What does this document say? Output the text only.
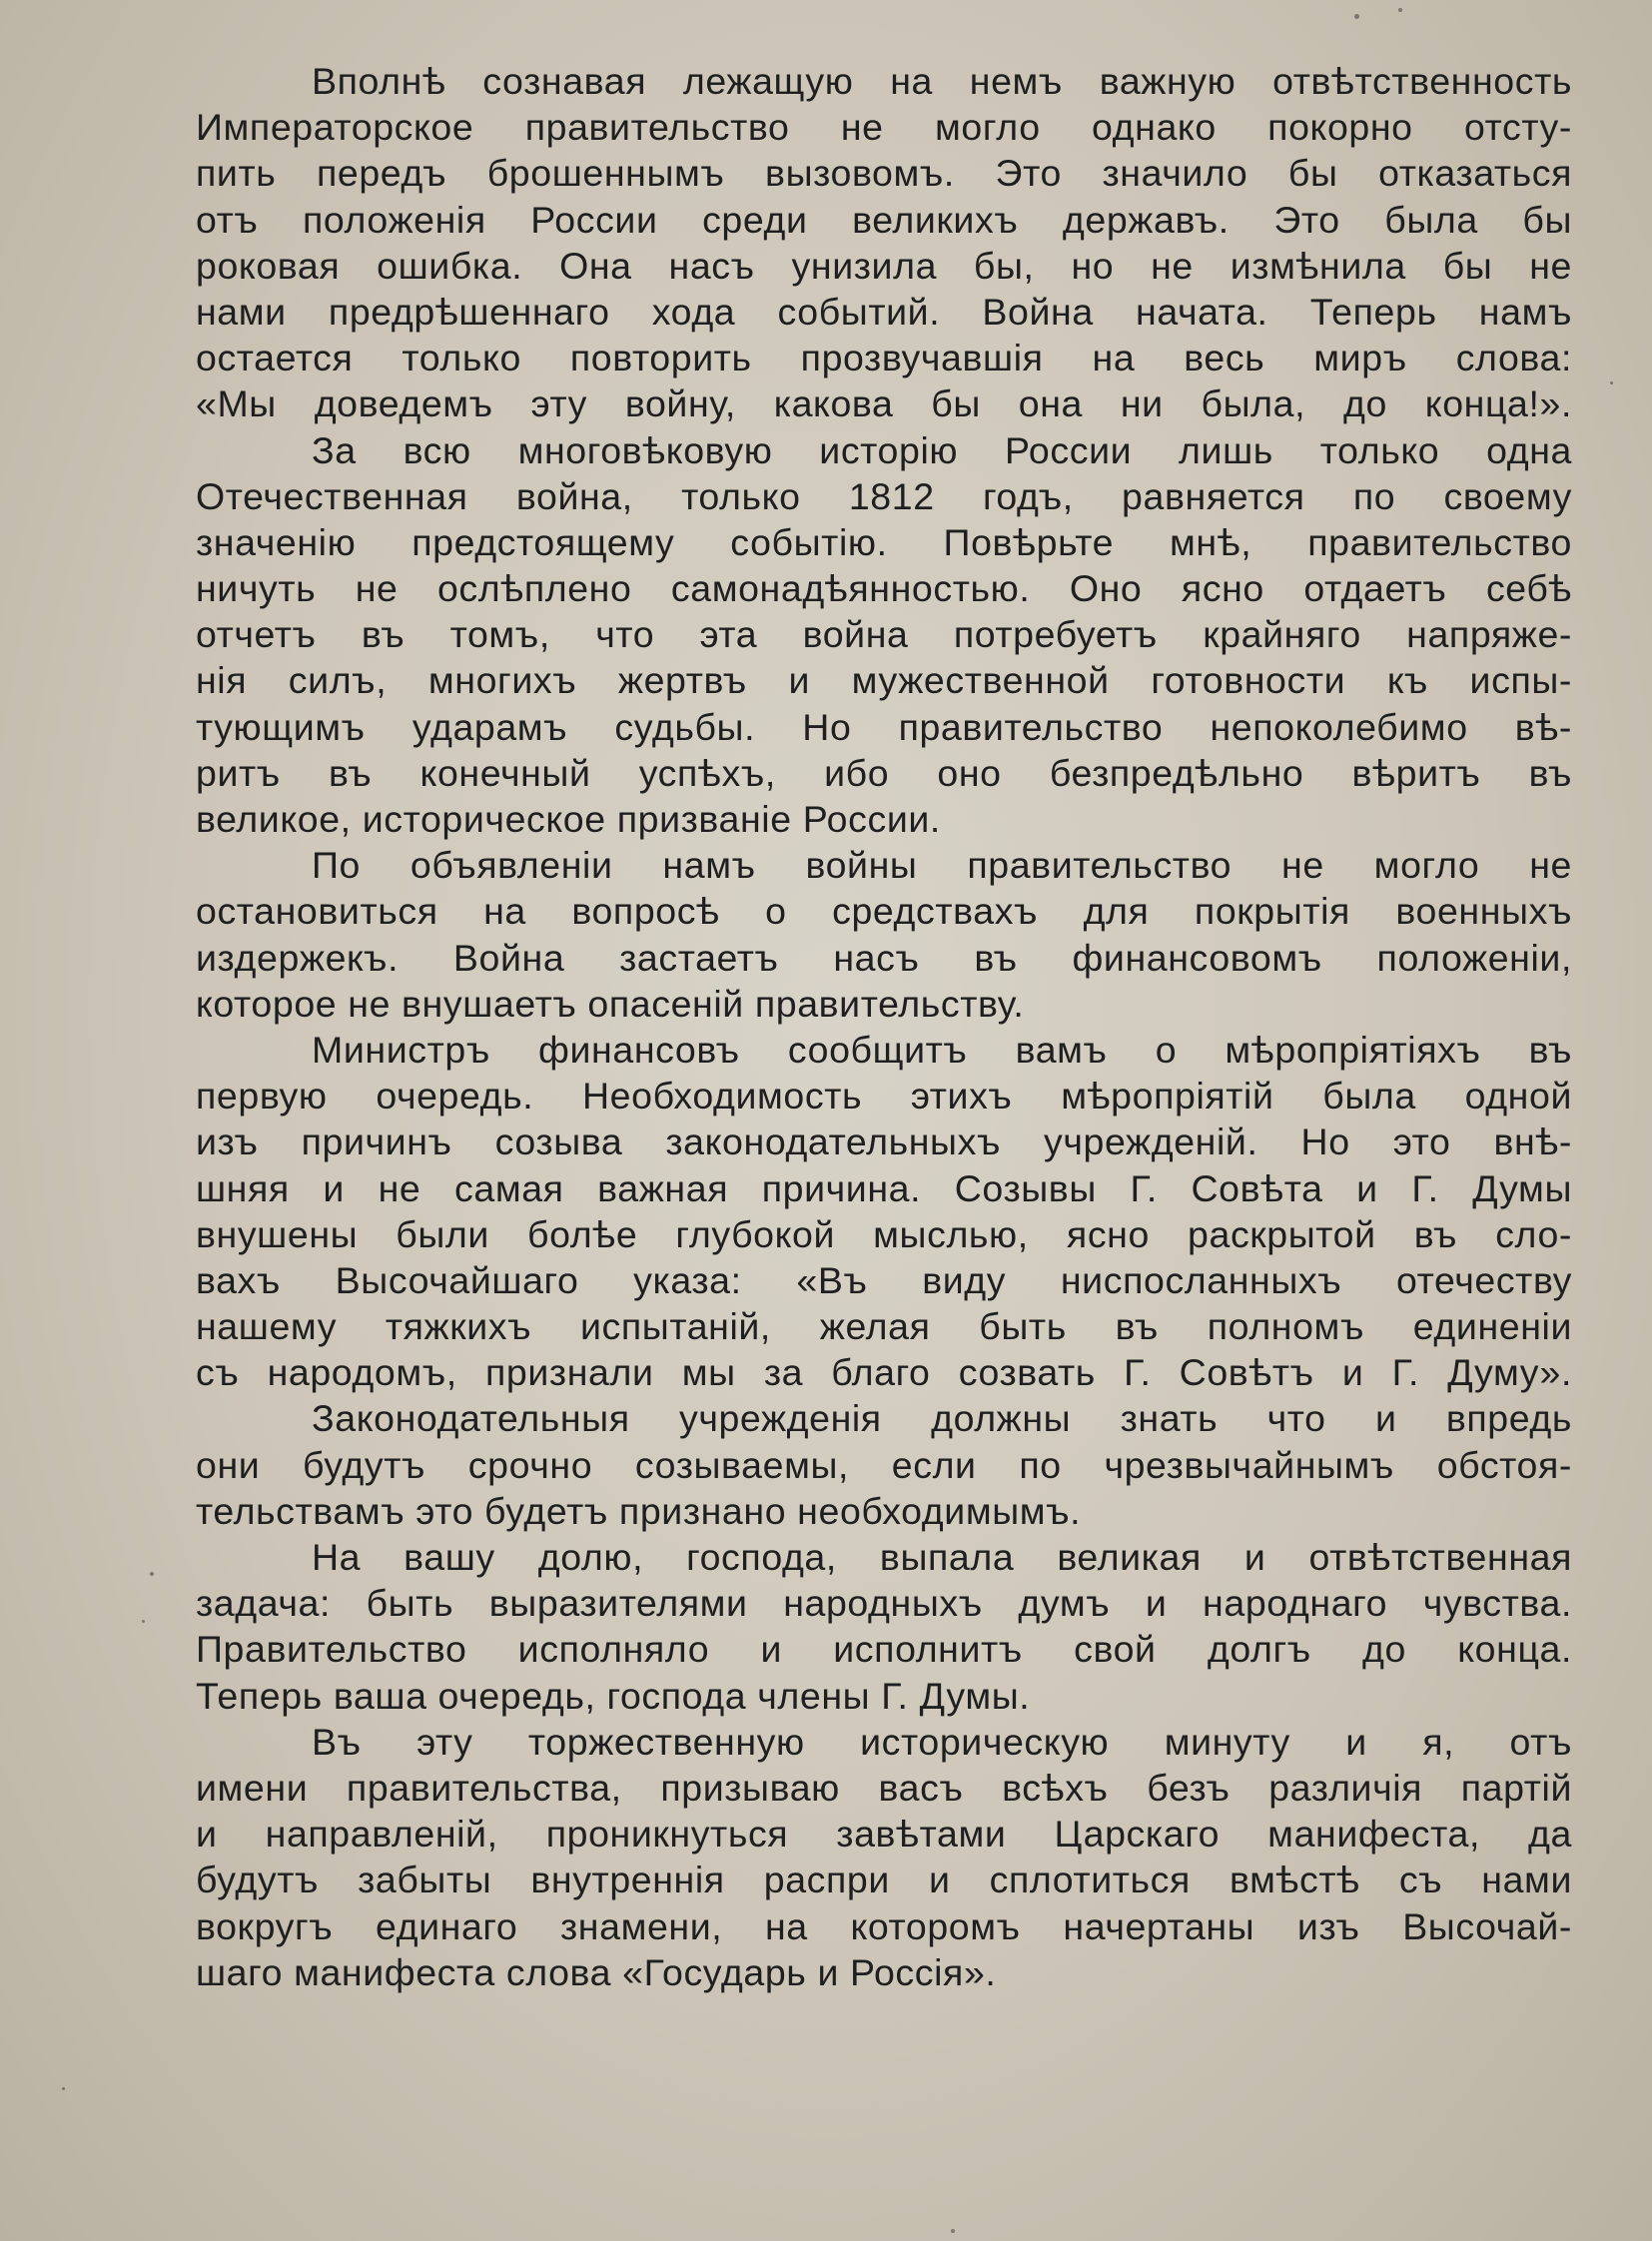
Вполнѣ сознавая лежащую на немъ важную отвѣтственность
Императорское правительство не могло однако покорно отсту-
пить передъ брошеннымъ вызовомъ. Это значило бы отказаться
отъ положенія России среди великихъ державъ. Это была бы
роковая ошибка. Она насъ унизила бы, но не измѣнила бы не
нами предрѣшеннаго хода событий. Война начата. Теперь намъ
остается только повторить прозвучавшія на весь миръ слова:
«Мы доведемъ эту войну, какова бы она ни была, до конца!».
За всю многовѣковую исторію России лишь только одна
Отечественная война, только 1812 годъ, равняется по своему
значенію предстоящему событію. Повѣрьте мнѣ, правительство
ничуть не ослѣплено самонадѣянностью. Оно ясно отдаетъ себѣ
отчетъ въ томъ, что эта война потребуетъ крайняго напряже-
нія силъ, многихъ жертвъ и мужественной готовности къ испы-
тующимъ ударамъ судьбы. Но правительство непоколебимо вѣ-
ритъ въ конечный успѣхъ, ибо оно безпредѣльно вѣритъ въ
великое, историческое призваніе России.
По объявленіи намъ войны правительство не могло не
остановиться на вопросѣ о средствахъ для покрытія военныхъ
издержекъ. Война застаетъ насъ въ финансовомъ положеніи,
которое не внушаетъ опасеній правительству.
Министръ финансовъ сообщитъ вамъ о мѣропріятіяхъ въ
первую очередь. Необходимость этихъ мѣропріятій была одной
изъ причинъ созыва законодательныхъ учрежденій. Но это внѣ-
шняя и не самая важная причина. Созывы Г. Совѣта и Г. Думы
внушены были болѣе глубокой мыслью, ясно раскрытой въ сло-
вахъ Высочайшаго указа: «Въ виду ниспосланныхъ отечеству
нашему тяжкихъ испытаній, желая быть въ полномъ единеніи
съ народомъ, признали мы за благо созвать Г. Совѣтъ и Г. Думу».
Законодательныя учрежденія должны знать что и впредь
они будутъ срочно созываемы, если по чрезвычайнымъ обстоя-
тельствамъ это будетъ признано необходимымъ.
На вашу долю, господа, выпала великая и отвѣтственная
задача: быть выразителями народныхъ думъ и народнаго чувства.
Правительство исполняло и исполнитъ свой долгъ до конца.
Теперь ваша очередь, господа члены Г. Думы.
Въ эту торжественную историческую минуту и я, отъ
имени правительства, призываю васъ всѣхъ безъ различія партій
и направленій, проникнуться завѣтами Царскаго манифеста, да
будутъ забыты внутреннія распри и сплотиться вмѣстѣ съ нами
вокругъ единаго знамени, на которомъ начертаны изъ Высочай-
шаго манифеста слова «Государь и Россія».
